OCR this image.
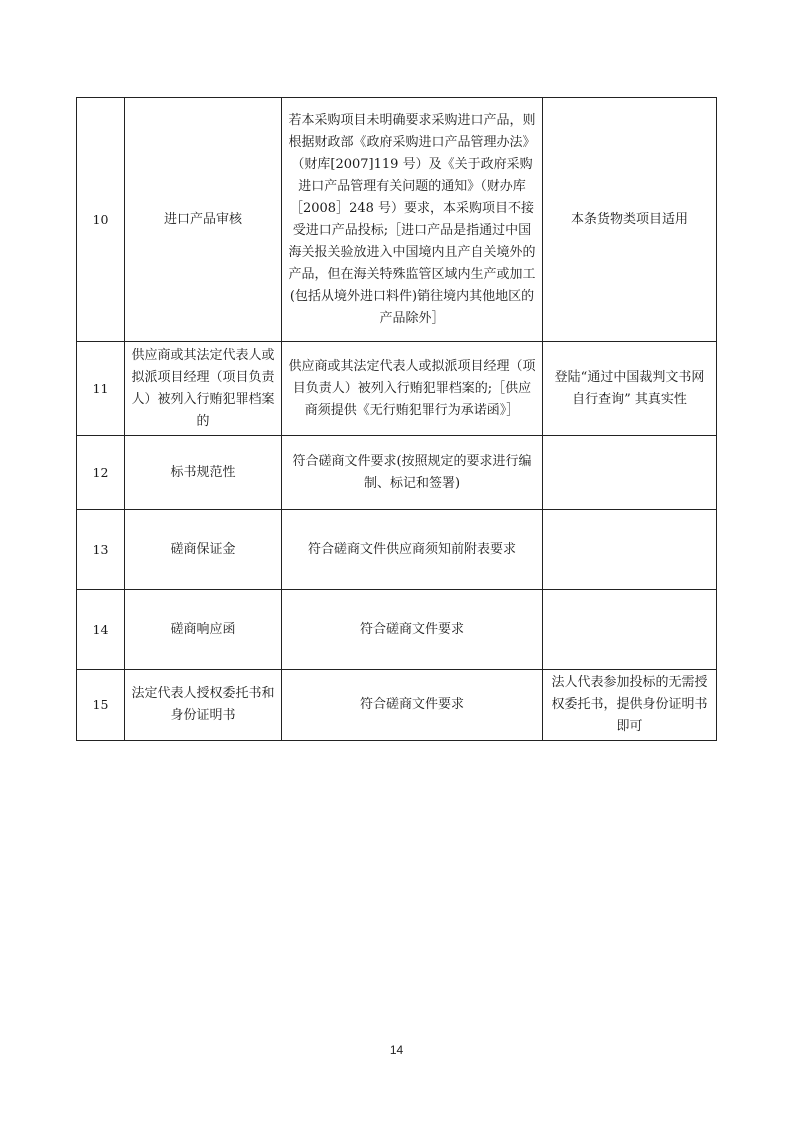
10	进口产品审核	若本采购项目未明确要求采购进口产品，则根据财政部《政府采购进口产品管理办法》（财库[2007]119 号）及《关于政府采购进口产品管理有关问题的通知》（财办库［2008］248 号）要求，本采购项目不接受进口产品投标;［进口产品是指通过中国海关报关验放进入中国境内且产自关境外的产品，但在海关特殊监管区域内生产或加工(包括从境外进口料件)销往境内其他地区的产品除外］	本条货物类项目适用
11	供应商或其法定代表人或拟派项目经理（项目负责人）被列入行贿犯罪档案的	供应商或其法定代表人或拟派项目经理（项目负责人）被列入行贿犯罪档案的;［供应商须提供《无行贿犯罪行为承诺函》］	登陆“通过中国裁判文书网自行查询” 其真实性
12	标书规范性	符合磋商文件要求(按照规定的要求进行编制、标记和签署)	
13	磋商保证金	符合磋商文件供应商须知前附表要求	
14	磋商响应函	符合磋商文件要求	
15	法定代表人授权委托书和身份证明书	符合磋商文件要求	法人代表参加投标的无需授权委托书，提供身份证明书即可
14
